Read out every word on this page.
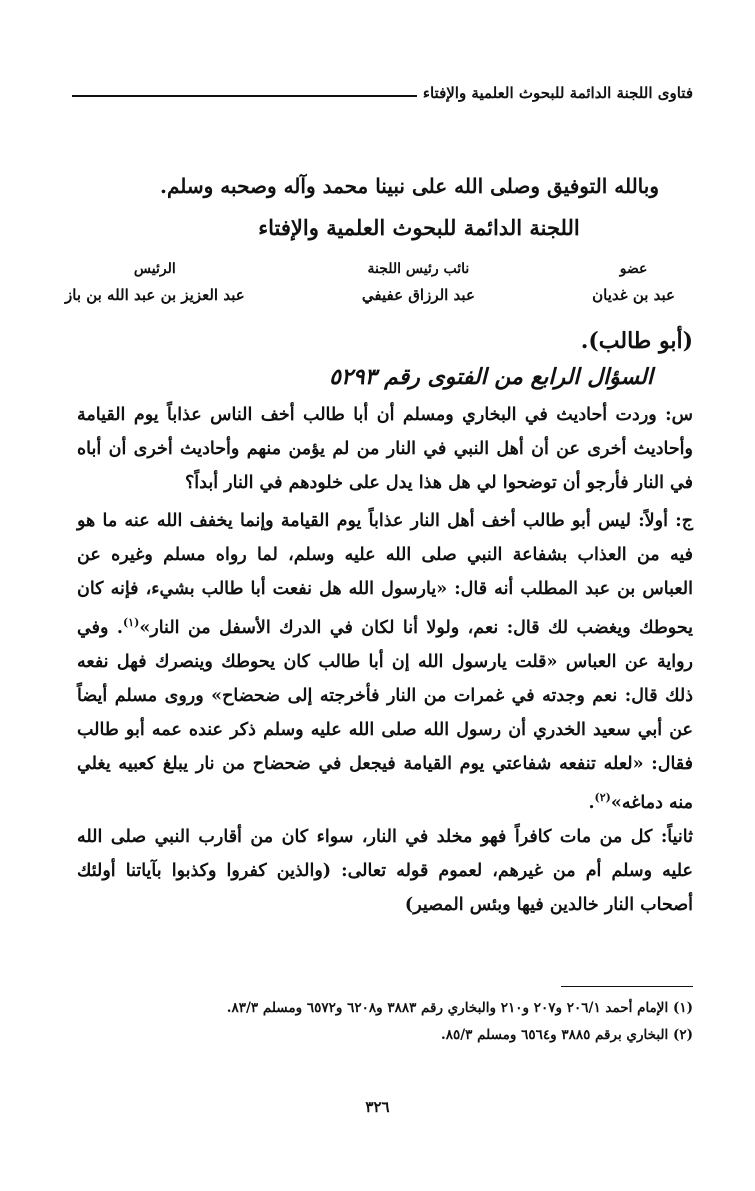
فتاوى اللجنة الدائمة للبحوث العلمية والإفتاء
وبالله التوفيق وصلى الله على نبينا محمد وآله وصحبه وسلم.
اللجنة الدائمة للبحوث العلمية والإفتاء
عضو
عبد بن غديان
نائب رئيس اللجنة
عبد الرزاق عفيفي
الرئيس
عبد العزيز بن عبد الله بن باز
(أبو طالب).
السؤال الرابع من الفتوى رقم ٥٢٩٣

س: وردت أحاديث في البخاري ومسلم أن أبا طالب أخف الناس عذاباً يوم القيامة وأحاديث أخرى عن أن أهل النبي في النار من لم يؤمن منهم وأحاديث أخرى أن أباه في النار فأرجو أن توضحوا لي هل هذا يدل على خلودهم في النار أبداً؟

ج: أولاً: ليس أبو طالب أخف أهل النار عذاباً يوم القيامة وإنما يخفف الله عنه ما هو فيه من العذاب بشفاعة النبي صلى الله عليه وسلم، لما رواه مسلم وغيره عن العباس بن عبد المطلب أنه قال: «يارسول الله هل نفعت أبا طالب بشيء، فإنه كان يحوطك ويغضب لك قال: نعم، ولولا أنا لكان في الدرك الأسفل من النار»$^{(١)}$. وفي رواية عن العباس «قلت يارسول الله إن أبا طالب كان يحوطك وينصرك فهل نفعه ذلك قال: نعم وجدته في غمرات من النار فأخرجته إلى ضحضاح» وروى مسلم أيضاً عن أبي سعيد الخدري أن رسول الله صلى الله عليه وسلم ذكر عنده عمه أبو طالب فقال: «لعله تنفعه شفاعتي يوم القيامة فيجعل في ضحضاح من نار يبلغ كعبيه يغلي منه دماغه»$^{(٢)}$.

ثانياً: كل من مات كافراً فهو مخلد في النار، سواء كان من أقارب النبي صلى الله عليه وسلم أم من غيرهم، لعموم قوله تعالى: (والذين كفروا وكذبوا بآياتنا أولئك أصحاب النار خالدين فيها وبئس المصير)

(١) الإمام أحمد ٢٠٦/١ و٢٠٧ و٢١٠ والبخاري رقم ٣٨٨٣ و٦٢٠٨ و٦٥٧٢ ومسلم ٨٣/٣.
(٢) البخاري برقم ٣٨٨٥ و٦٥٦٤ ومسلم ٨٥/٣.
٣٢٦
